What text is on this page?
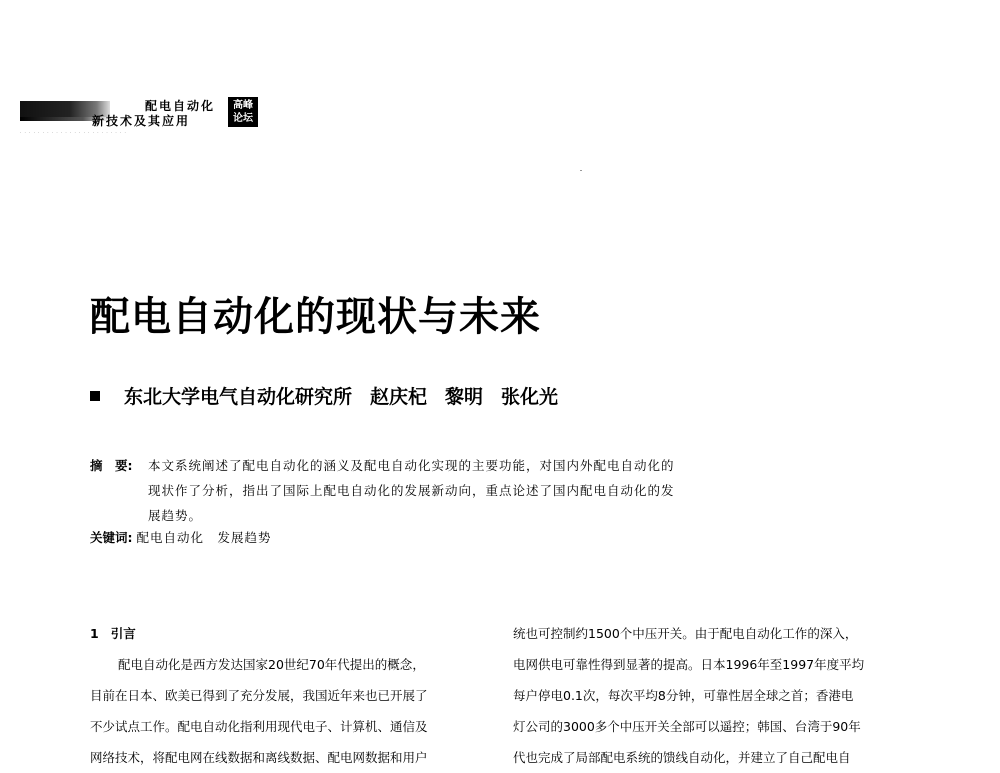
配电自动化
新技术及其应用
高峰
论坛
· · · · · · · · · · · · · · · · · · · · · · · ·
配电自动化的现状与未来
东北大学电气自动化研究所 赵庆杞 黎明 张化光
摘　要: 本文系统阐述了配电自动化的涵义及配电自动化实现的主要功能，对国内外配电自动化的
现状作了分析，指出了国际上配电自动化的发展新动向，重点论述了国内配电自动化的发
展趋势。
关键词: 配电自动化　发展趋势
1 引言
配电自动化是西方发达国家20世纪70年代提出的概念，
目前在日本、欧美已得到了充分发展，我国近年来也已开展了
不少试点工作。配电自动化指利用现代电子、计算机、通信及
网络技术，将配电网在线数据和离线数据、配电网数据和用户
统也可控制约1500个中压开关。由于配电自动化工作的深入，
电网供电可靠性得到显著的提高。日本1996年至1997年度平均
每户停电0.1次，每次平均8分钟，可靠性居全球之首；香港电
灯公司的3000多个中压开关全部可以遥控；韩国、台湾于90年
代也完成了局部配电系统的馈线自动化，并建立了自己配电自
